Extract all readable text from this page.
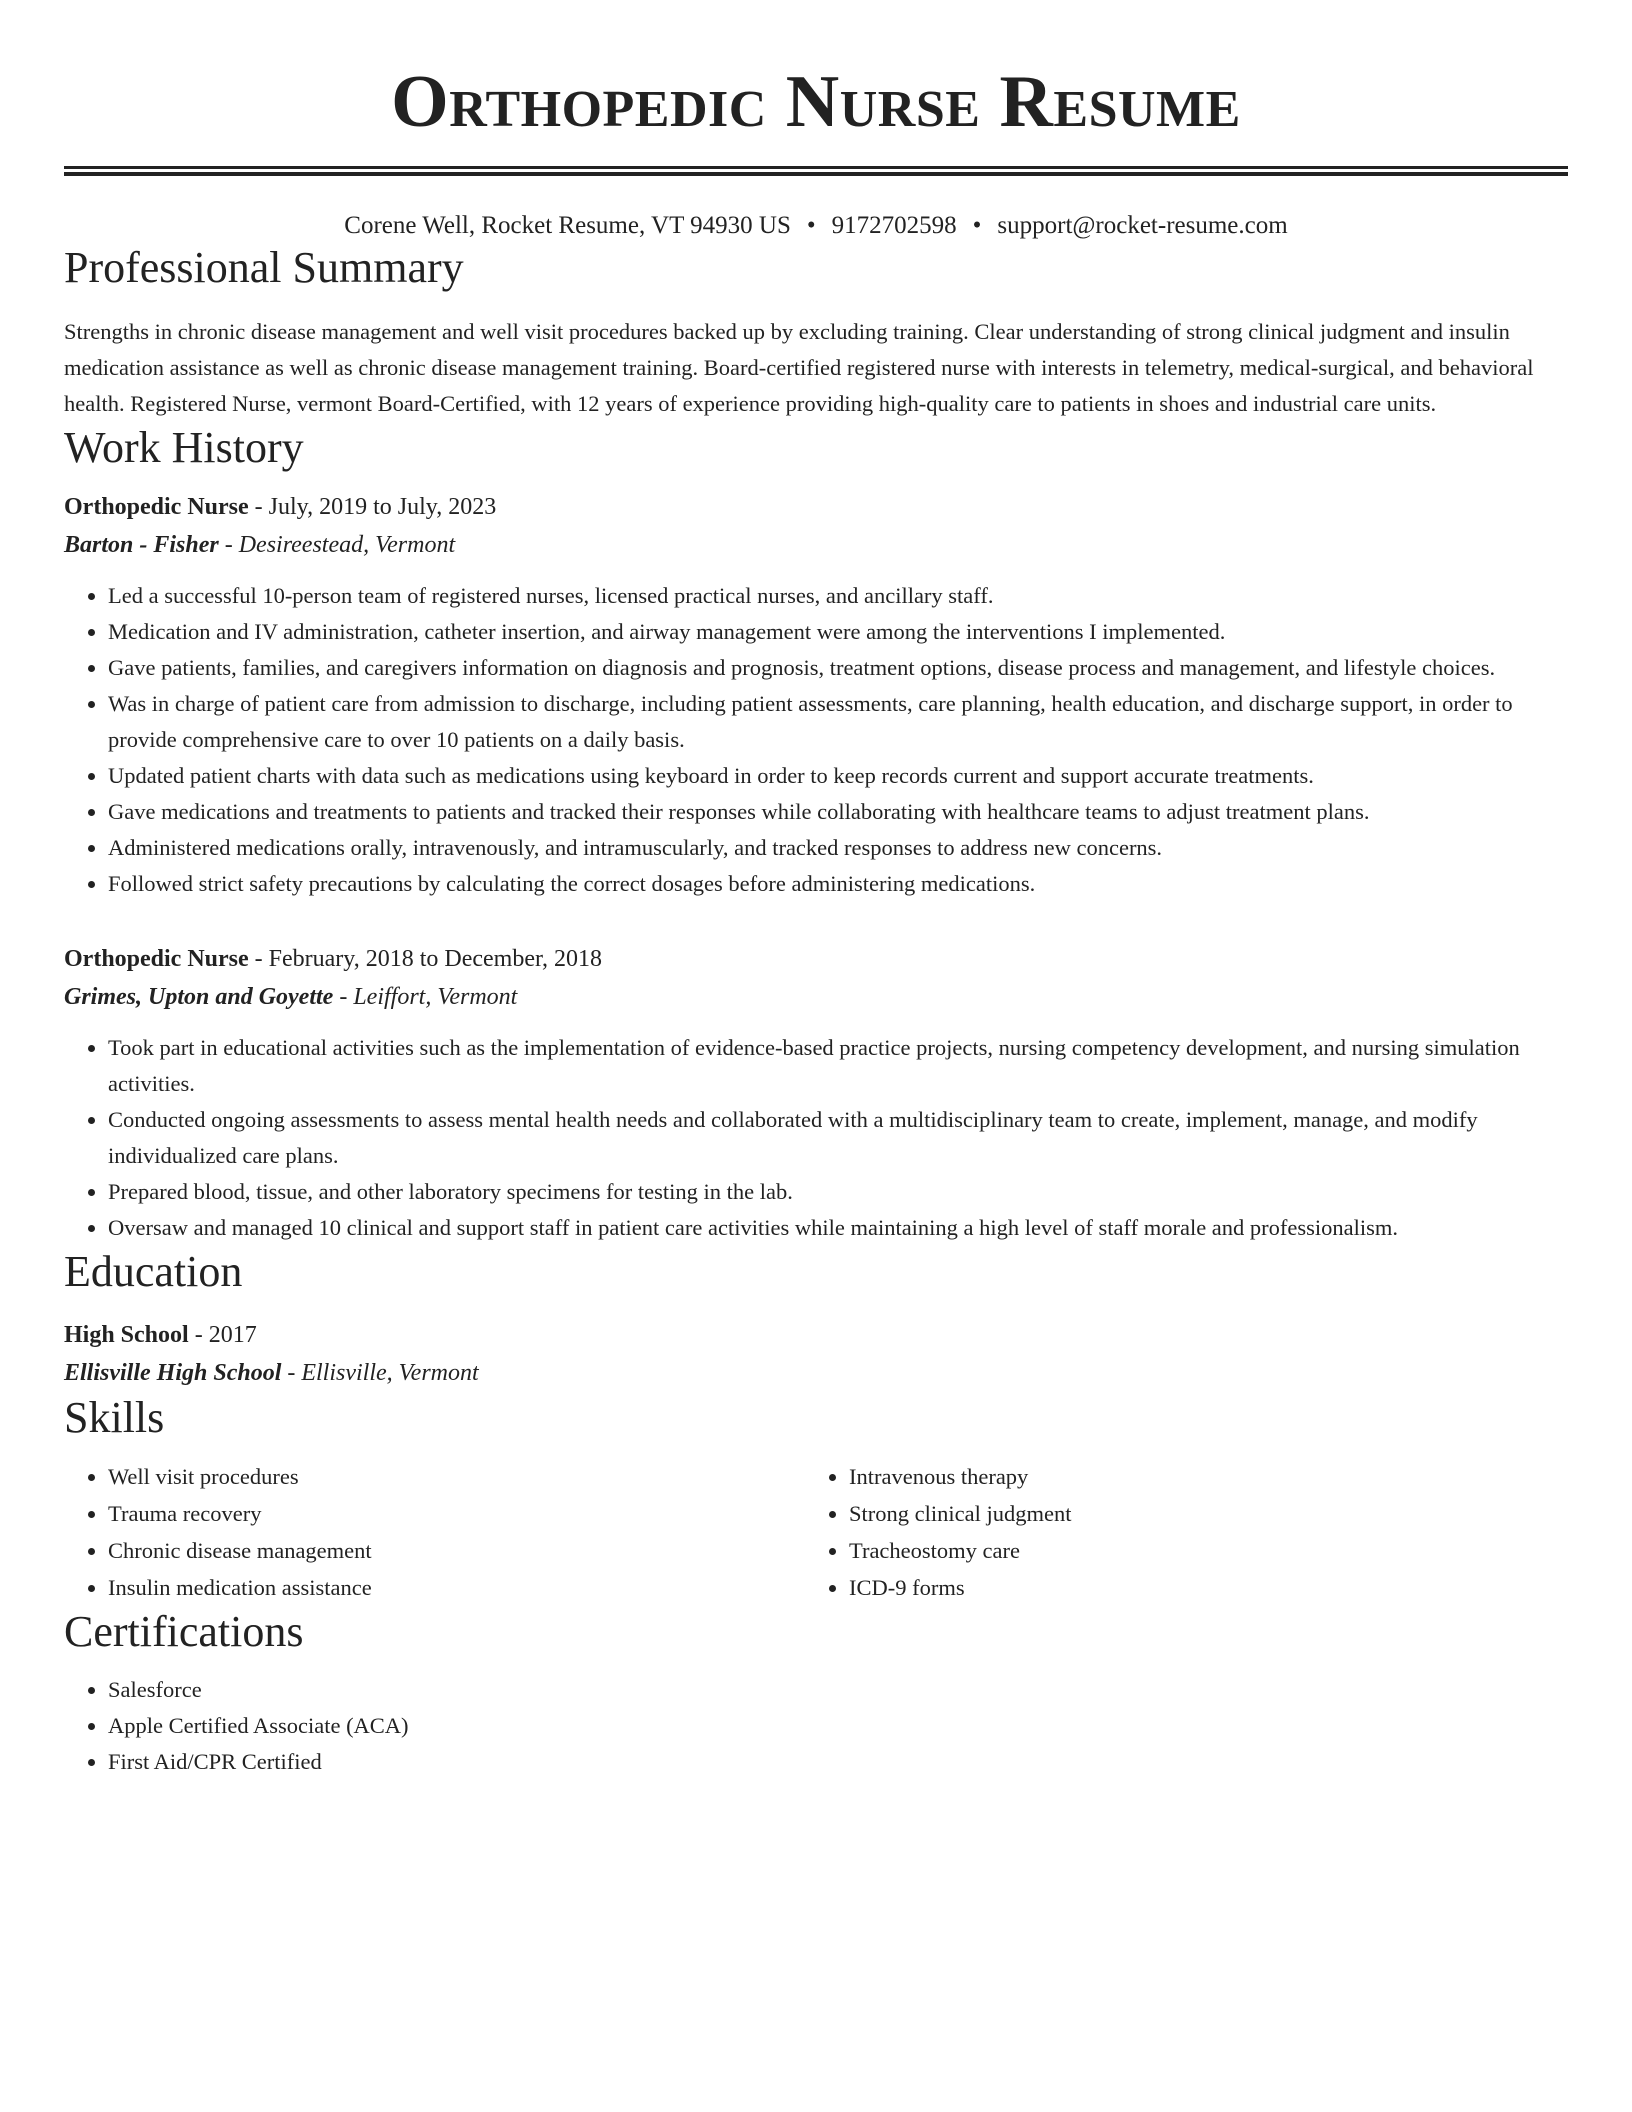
Orthopedic Nurse Resume
Corene Well, Rocket Resume, VT 94930 US • 9172702598 • support@rocket-resume.com
Professional Summary

Strengths in chronic disease management and well visit procedures backed up by excluding training. Clear understanding of strong clinical judgment and insulin medication assistance as well as chronic disease management training. Board-certified registered nurse with interests in telemetry, medical-surgical, and behavioral health. Registered Nurse, vermont Board-Certified, with 12 years of experience providing high-quality care to patients in shoes and industrial care units.

Work History
Orthopedic Nurse - July, 2019 to July, 2023
Barton - Fisher - Desireestead, Vermont
• Led a successful 10-person team of registered nurses, licensed practical nurses, and ancillary staff.
• Medication and IV administration, catheter insertion, and airway management were among the interventions I implemented.
• Gave patients, families, and caregivers information on diagnosis and prognosis, treatment options, disease process and management, and lifestyle choices.
• Was in charge of patient care from admission to discharge, including patient assessments, care planning, health education, and discharge support, in order to provide comprehensive care to over 10 patients on a daily basis.
• Updated patient charts with data such as medications using keyboard in order to keep records current and support accurate treatments.
• Gave medications and treatments to patients and tracked their responses while collaborating with healthcare teams to adjust treatment plans.
• Administered medications orally, intravenously, and intramuscularly, and tracked responses to address new concerns.
• Followed strict safety precautions by calculating the correct dosages before administering medications.
Orthopedic Nurse - February, 2018 to December, 2018
Grimes, Upton and Goyette - Leiffort, Vermont
• Took part in educational activities such as the implementation of evidence-based practice projects, nursing competency development, and nursing simulation activities.
• Conducted ongoing assessments to assess mental health needs and collaborated with a multidisciplinary team to create, implement, manage, and modify individualized care plans.
• Prepared blood, tissue, and other laboratory specimens for testing in the lab.
• Oversaw and managed 10 clinical and support staff in patient care activities while maintaining a high level of staff morale and professionalism.
Education
High School - 2017
Ellisville High School - Ellisville, Vermont
Skills
• Well visit procedures
• Trauma recovery
• Chronic disease management
• Insulin medication assistance
• Intravenous therapy
• Strong clinical judgment
• Tracheostomy care
• ICD-9 forms
Certifications
• Salesforce
• Apple Certified Associate (ACA)
• First Aid/CPR Certified
